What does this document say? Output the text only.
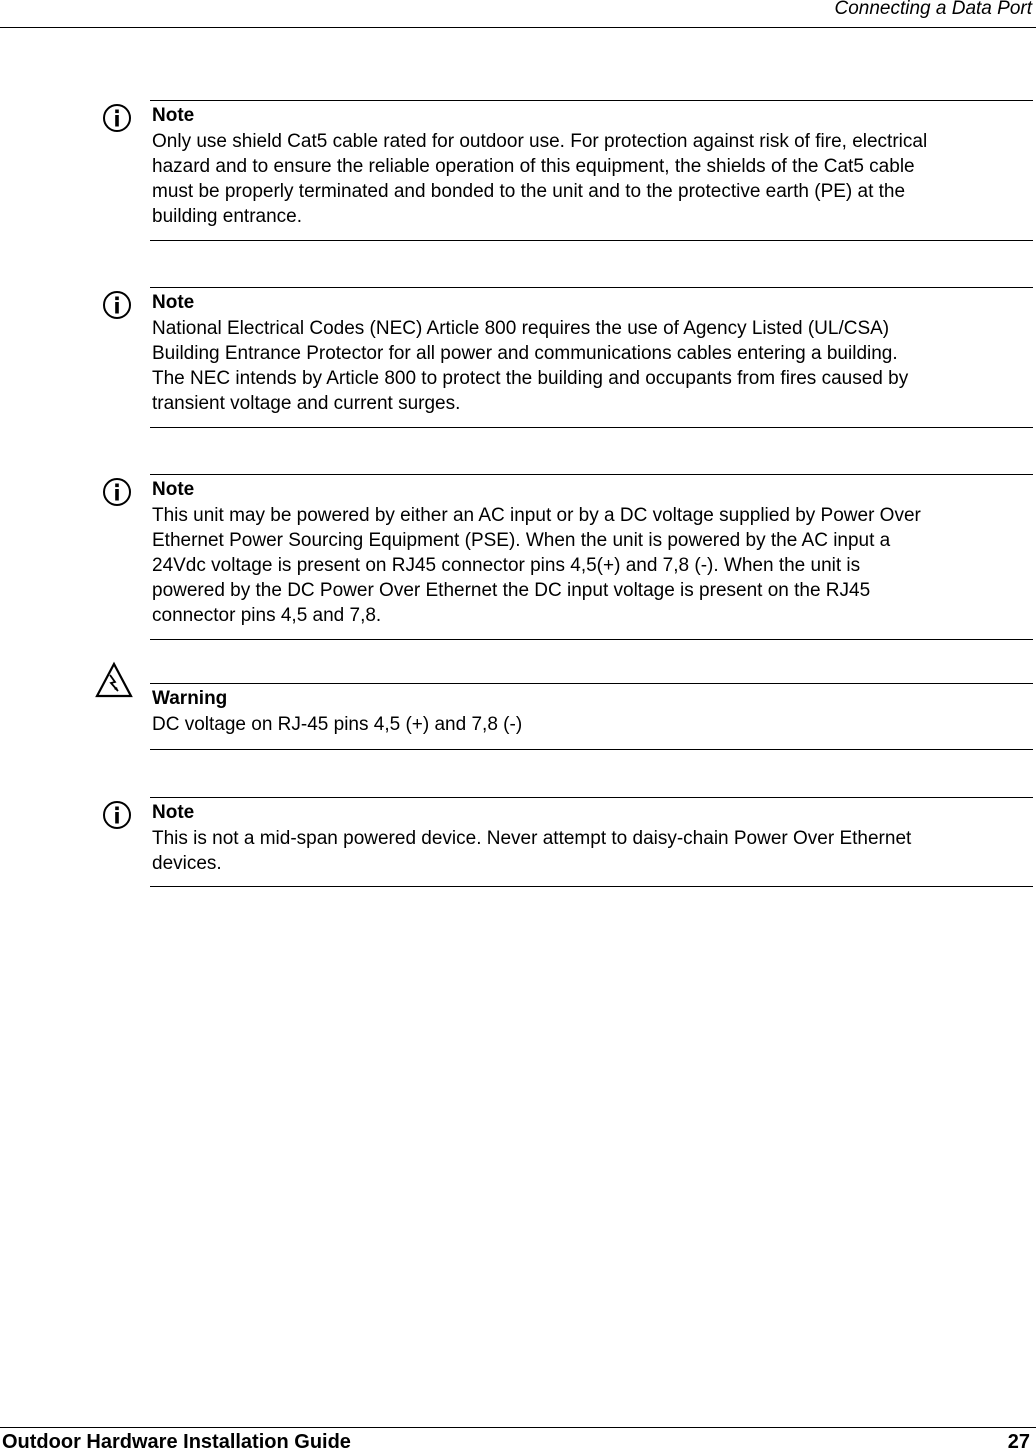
Connecting a Data Port
Note
Only use shield Cat5 cable rated for outdoor use. For protection against risk of fire, electrical
hazard and to ensure the reliable operation of this equipment, the shields of the Cat5 cable
must be properly terminated and bonded to the unit and to the protective earth (PE) at the
building entrance.
Note
National Electrical Codes (NEC) Article 800 requires the use of Agency Listed (UL/CSA)
Building Entrance Protector for all power and communications cables entering a building.
The NEC intends by Article 800 to protect the building and occupants from fires caused by
transient voltage and current surges.
Note
This unit may be powered by either an AC input or by a DC voltage supplied by Power Over
Ethernet Power Sourcing Equipment (PSE). When the unit is powered by the AC input a
24Vdc voltage is present on RJ45 connector pins 4,5(+) and 7,8 (-). When the unit is
powered by the DC Power Over Ethernet the DC input voltage is present on the RJ45
connector pins 4,5 and 7,8.
Warning
DC voltage on RJ-45 pins 4,5 (+) and 7,8 (-)
Note
This is not a mid-span powered device. Never attempt to daisy-chain Power Over Ethernet
devices.
Outdoor Hardware Installation Guide	27
